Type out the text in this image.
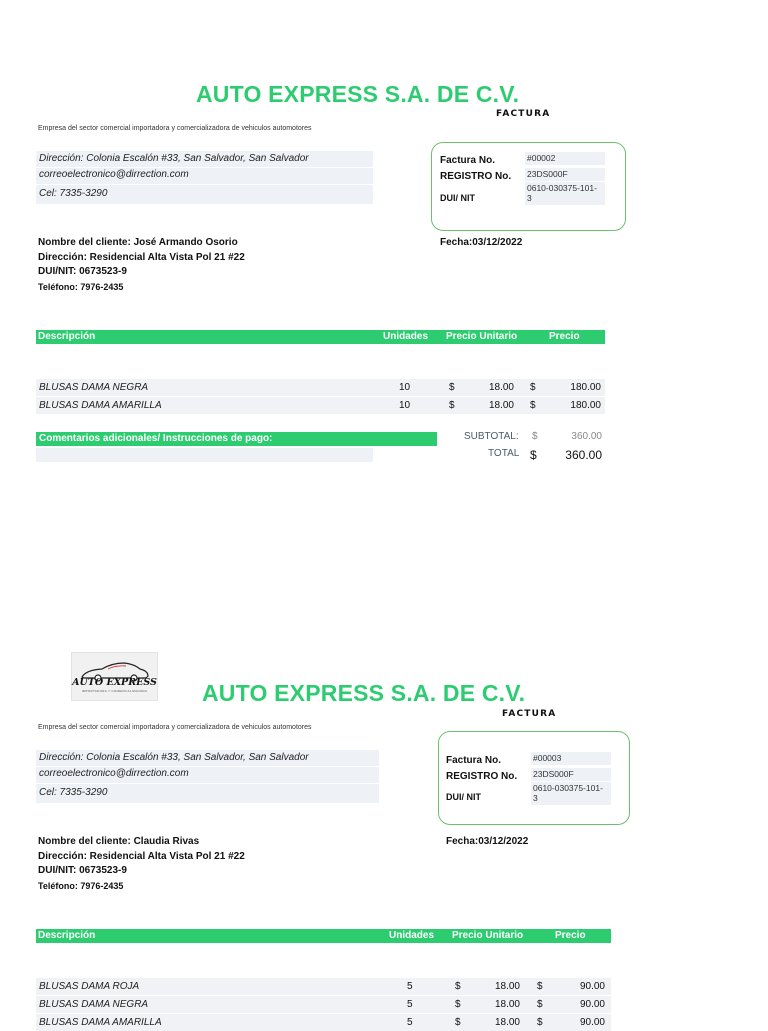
AUTO EXPRESS S.A. DE C.V.
FACTURA
Empresa del sector comercial importadora y comercializadora de vehiculos automotores
Dirección: Colonia Escalón #33, San Salvador, San Salvador
correoelectronico@dirrection.com
Cel: 7335-3290
Factura No.	#00002
REGISTRO No. 23DS000F
DUI/ NIT
0610-030375-101-
3
Nombre del cliente: José Armando Osorio
Dirección: Residencial Alta Vista Pol 21 #22
DUI/NIT: 0673523-9
Teléfono: 7976-2435
Fecha:03/12/2022
Descripción	Unidades Precio Unitario	Precio
BLUSAS DAMA NEGRA	10	$	18.00 $	180.00
BLUSAS DAMA AMARILLA	10	$	18.00 $	180.00
Comentarios adicionales/ Instrucciones de pago:	SUBTOTAL: $	360.00
TOTAL $ 360.00
AUTO EXPRESS
IMPORTADORA Y COMERCIALIZADORA	AUTO EXPRESS S.A. DE C.V.
FACTURA
Empresa del sector comercial importadora y comercializadora de vehiculos automotores
Dirección: Colonia Escalón #33, San Salvador, San Salvador
correoelectronico@dirrection.com
Cel: 7335-3290
Factura No.	#00003
REGISTRO No. 23DS000F
DUI/ NIT
0610-030375-101-
3
Nombre del cliente: Claudia Rivas
Dirección: Residencial Alta Vista Pol 21 #22
DUI/NIT: 0673523-9
Teléfono: 7976-2435
Fecha:03/12/2022
Descripción	Unidades Precio Unitario	Precio
BLUSAS DAMA ROJA	5	$	18.00 $	90.00
BLUSAS DAMA NEGRA	5	$	18.00 $	90.00
BLUSAS DAMA AMARILLA	5	$	18.00 $	90.00
